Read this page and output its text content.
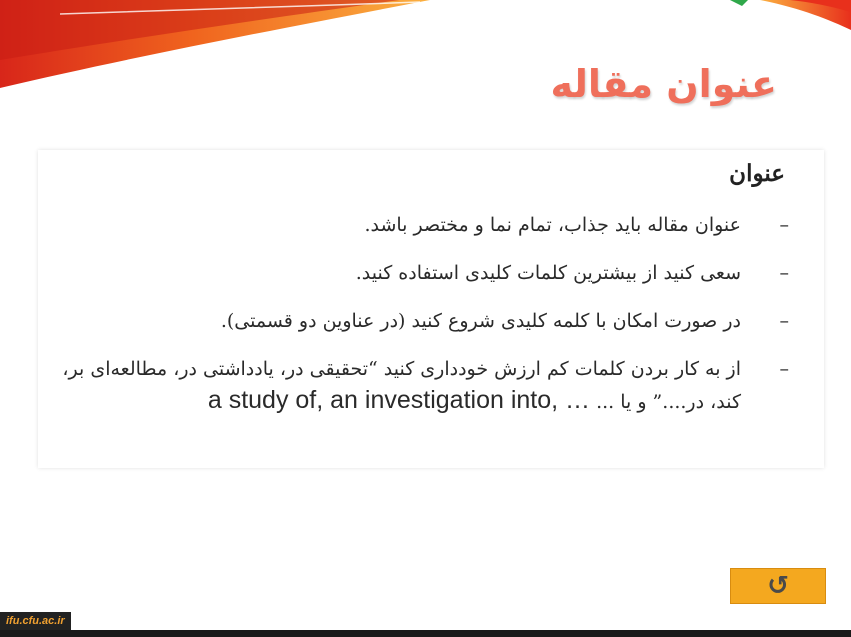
عنوان مقاله
عنوان
–
عنوان مقاله باید جذاب، تمام نما و مختصر باشد.
–
سعی کنید از بیشترین کلمات کلیدی استفاده کنید.
–
در صورت امکان با کلمه کلیدی شروع کنید (در عناوین دو قسمتی).
–
از به کار بردن کلمات کم ارزش خودداری کنید “تحقیقی در، یادداشتی در، مطالعه‌ای بر، کند، در....” و یا ... a study of, an investigation into, …
↺
ifu.cfu.ac.ir
